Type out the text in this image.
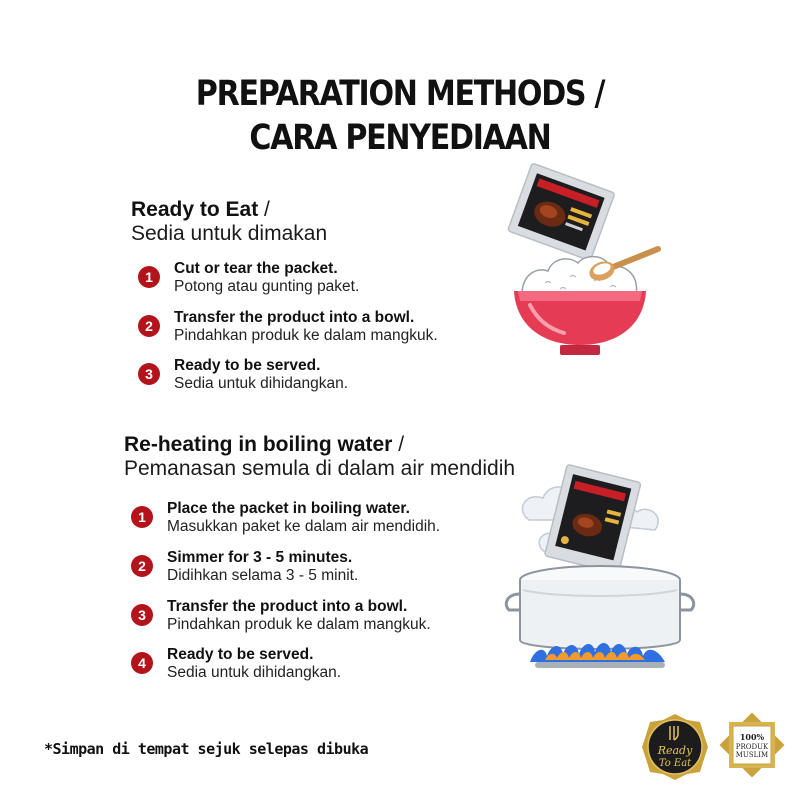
PREPARATION METHODS /
CARA PENYEDIAAN
Ready to Eat /
Sedia untuk dimakan
1	Cut or tear the packet.
Potong atau gunting paket.
2	Transfer the product into a bowl.
Pindahkan produk ke dalam mangkuk.
3	Ready to be served.
Sedia untuk dihidangkan.
Re-heating in boiling water /
Pemanasan semula di dalam air mendidih
1	Place the packet in boiling water.
Masukkan paket ke dalam air mendidih.
2	Simmer for 3 - 5 minutes.
Didihkan selama 3 - 5 minit.
3	Transfer the product into a bowl.
Pindahkan produk ke dalam mangkuk.
4	Ready to be served.
Sedia untuk dihidangkan.
*Simpan di tempat sejuk selepas dibuka	Ready
To Eat
100%
PRODUK
MUSLIM
